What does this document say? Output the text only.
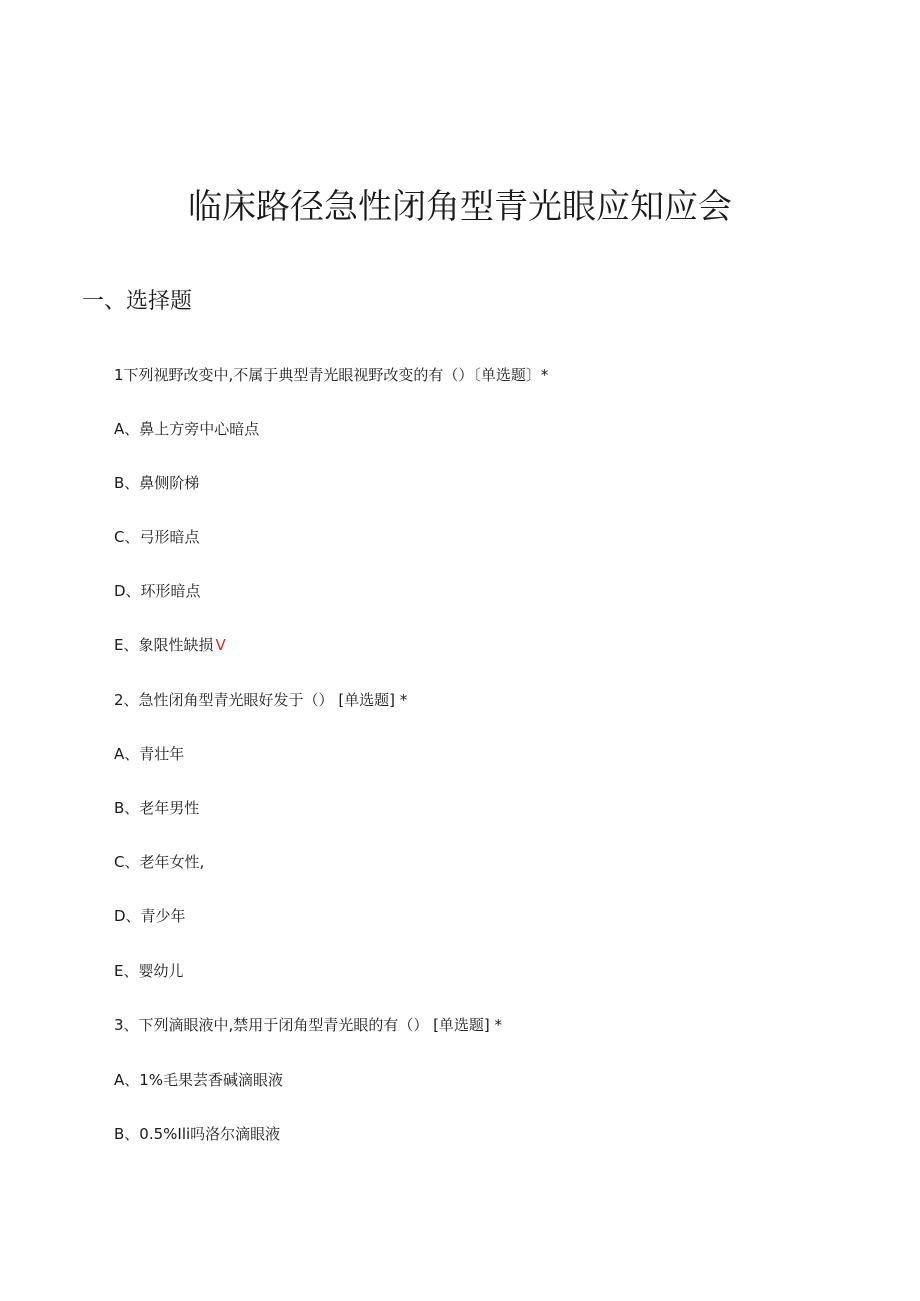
临床路径急性闭角型青光眼应知应会
一、选择题
1下列视野改变中,不属于典型青光眼视野改变的有（）〔单选题〕*
A、鼻上方旁中心暗点
B、鼻侧阶梯
C、弓形暗点
D、环形暗点
E、象限性缺损 V
2、急性闭角型青光眼好发于（） [单选题] *
A、青壮年
B、老年男性
C、老年女性,
D、青少年
E、婴幼儿
3、下列滴眼液中,禁用于闭角型青光眼的有（） [单选题] *
A、1%毛果芸香碱滴眼液
B、0.5%Ili吗洛尔滴眼液
